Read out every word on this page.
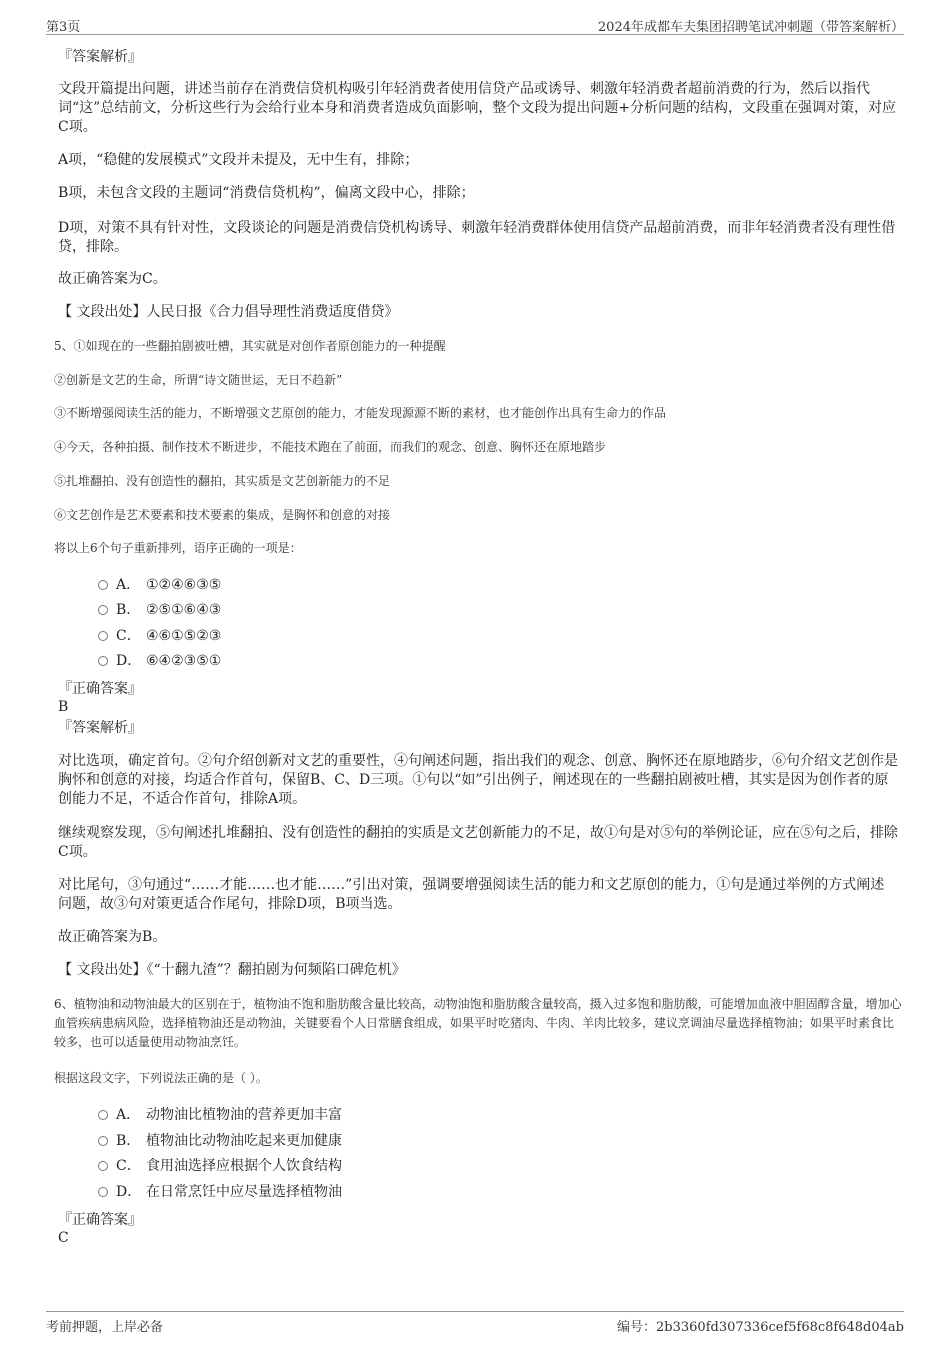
第3页	2024年成都车夫集团招聘笔试冲刺题（带答案解析）

『答案解析』

文段开篇提出问题，讲述当前存在消费信贷机构吸引年轻消费者使用信贷产品或诱导、刺激年轻消费者超前消费的行为，然后以指代词“这”总结前文，分析这些行为会给行业本身和消费者造成负面影响，整个文段为提出问题+分析问题的结构，文段重在强调对策，对应C项。

A项，“稳健的发展模式”文段并未提及，无中生有，排除；

B项，未包含文段的主题词“消费信贷机构”，偏离文段中心，排除；

D项，对策不具有针对性，文段谈论的问题是消费信贷机构诱导、刺激年轻消费群体使用信贷产品超前消费，而非年轻消费者没有理性借贷，排除。

故正确答案为C。

【 文段出处】人民日报《合力倡导理性消费适度借贷》

5、①如现在的一些翻拍剧被吐槽，其实就是对创作者原创能力的一种提醒

②创新是文艺的生命，所谓“诗文随世运，无日不趋新”

③不断增强阅读生活的能力，不断增强文艺原创的能力，才能发现源源不断的素材，也才能创作出具有生命力的作品

④今天，各种拍摄、制作技术不断进步，不能技术跑在了前面，而我们的观念、创意、胸怀还在原地踏步

⑤扎堆翻拍、没有创造性的翻拍，其实质是文艺创新能力的不足

⑥文艺创作是艺术要素和技术要素的集成，是胸怀和创意的对接

将以上6个句子重新排列，语序正确的一项是：

A． ①②④⑥③⑤
B． ②⑤①⑥④③
C． ④⑥①⑤②③
D． ⑥④②③⑤①

『正确答案』

B

『答案解析』

对比选项，确定首句。②句介绍创新对文艺的重要性，④句阐述问题，指出我们的观念、创意、胸怀还在原地踏步，⑥句介绍文艺创作是胸怀和创意的对接，均适合作首句，保留B、C、D三项。①句以“如”引出例子，阐述现在的一些翻拍剧被吐槽，其实是因为创作者的原创能力不足，不适合作首句，排除A项。

继续观察发现，⑤句阐述扎堆翻拍、没有创造性的翻拍的实质是文艺创新能力的不足，故①句是对⑤句的举例论证，应在⑤句之后，排除C项。

对比尾句，③句通过“……才能……也才能……”引出对策，强调要增强阅读生活的能力和文艺原创的能力，①句是通过举例的方式阐述问题，故③句对策更适合作尾句，排除D项，B项当选。

故正确答案为B。

【 文段出处】《“十翻九渣”？翻拍剧为何频陷口碑危机》

6、植物油和动物油最大的区别在于，植物油不饱和脂肪酸含量比较高，动物油饱和脂肪酸含量较高，摄入过多饱和脂肪酸，可能增加血液中胆固醇含量，增加心血管疾病患病风险，选择植物油还是动物油，关键要看个人日常膳食组成，如果平时吃猪肉、牛肉、羊肉比较多，建议烹调油尽量选择植物油；如果平时素食比较多，也可以适量使用动物油烹饪。

根据这段文字，下列说法正确的是（ ）。

A． 动物油比植物油的营养更加丰富
B． 植物油比动物油吃起来更加健康
C． 食用油选择应根据个人饮食结构
D． 在日常烹饪中应尽量选择植物油

『正确答案』

C

考前押题，上岸必备	编号：2b3360fd307336cef5f68c8f648d04ab
